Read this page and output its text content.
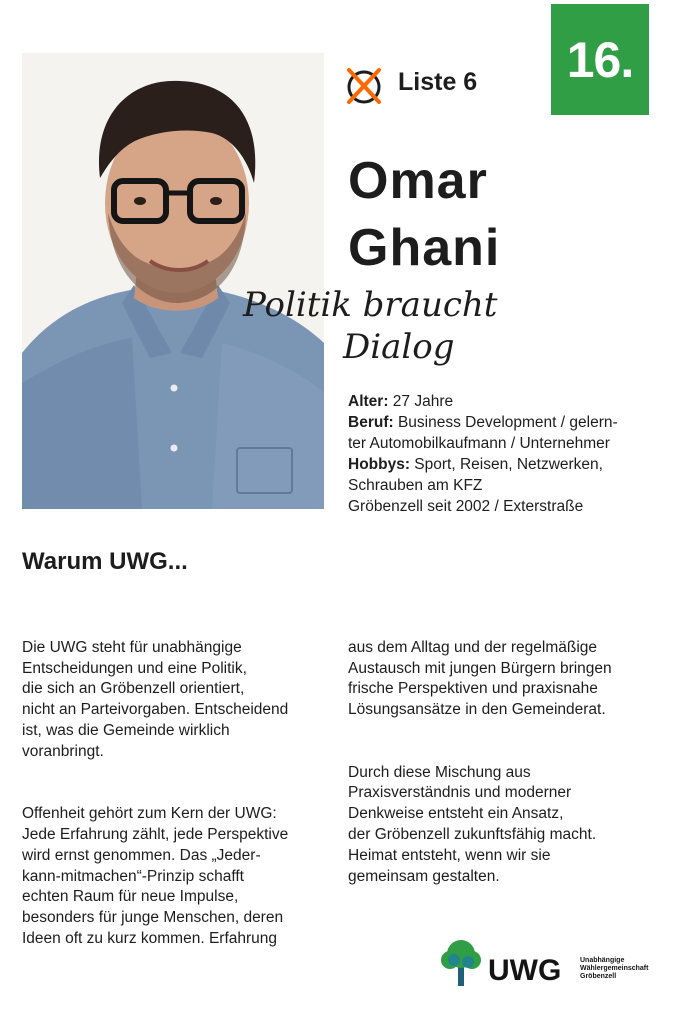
16.
Liste 6
Omar
Ghani
Politik braucht
Dialog
Alter: 27 Jahre
Beruf: Business Development / gelern-
ter Automobilkaufmann / Unternehmer
Hobbys: Sport, Reisen, Netzwerken,
Schrauben am KFZ
Gröbenzell seit 2002 / Exterstraße
Warum UWG...

Die UWG steht für unabhängige
Entscheidungen und eine Politik,
die sich an Gröbenzell orientiert,
nicht an Parteivorgaben. Entscheidend
ist, was die Gemeinde wirklich
voranbringt.

Offenheit gehört zum Kern der UWG:
Jede Erfahrung zählt, jede Perspektive
wird ernst genommen. Das „Jeder-
kann-mitmachen“-Prinzip schafft
echten Raum für neue Impulse,
besonders für junge Menschen, deren
Ideen oft zu kurz kommen. Erfahrung

aus dem Alltag und der regelmäßige
Austausch mit jungen Bürgern bringen
frische Perspektiven und praxisnahe
Lösungsansätze in den Gemeinderat.

Durch diese Mischung aus
Praxisverständnis und moderner
Denkweise entsteht ein Ansatz,
der Gröbenzell zukunftsfähig macht.
Heimat entsteht, wenn wir sie
gemeinsam gestalten.

UWG	Unabhängige
Wählergemeinschaft
Gröbenzell
